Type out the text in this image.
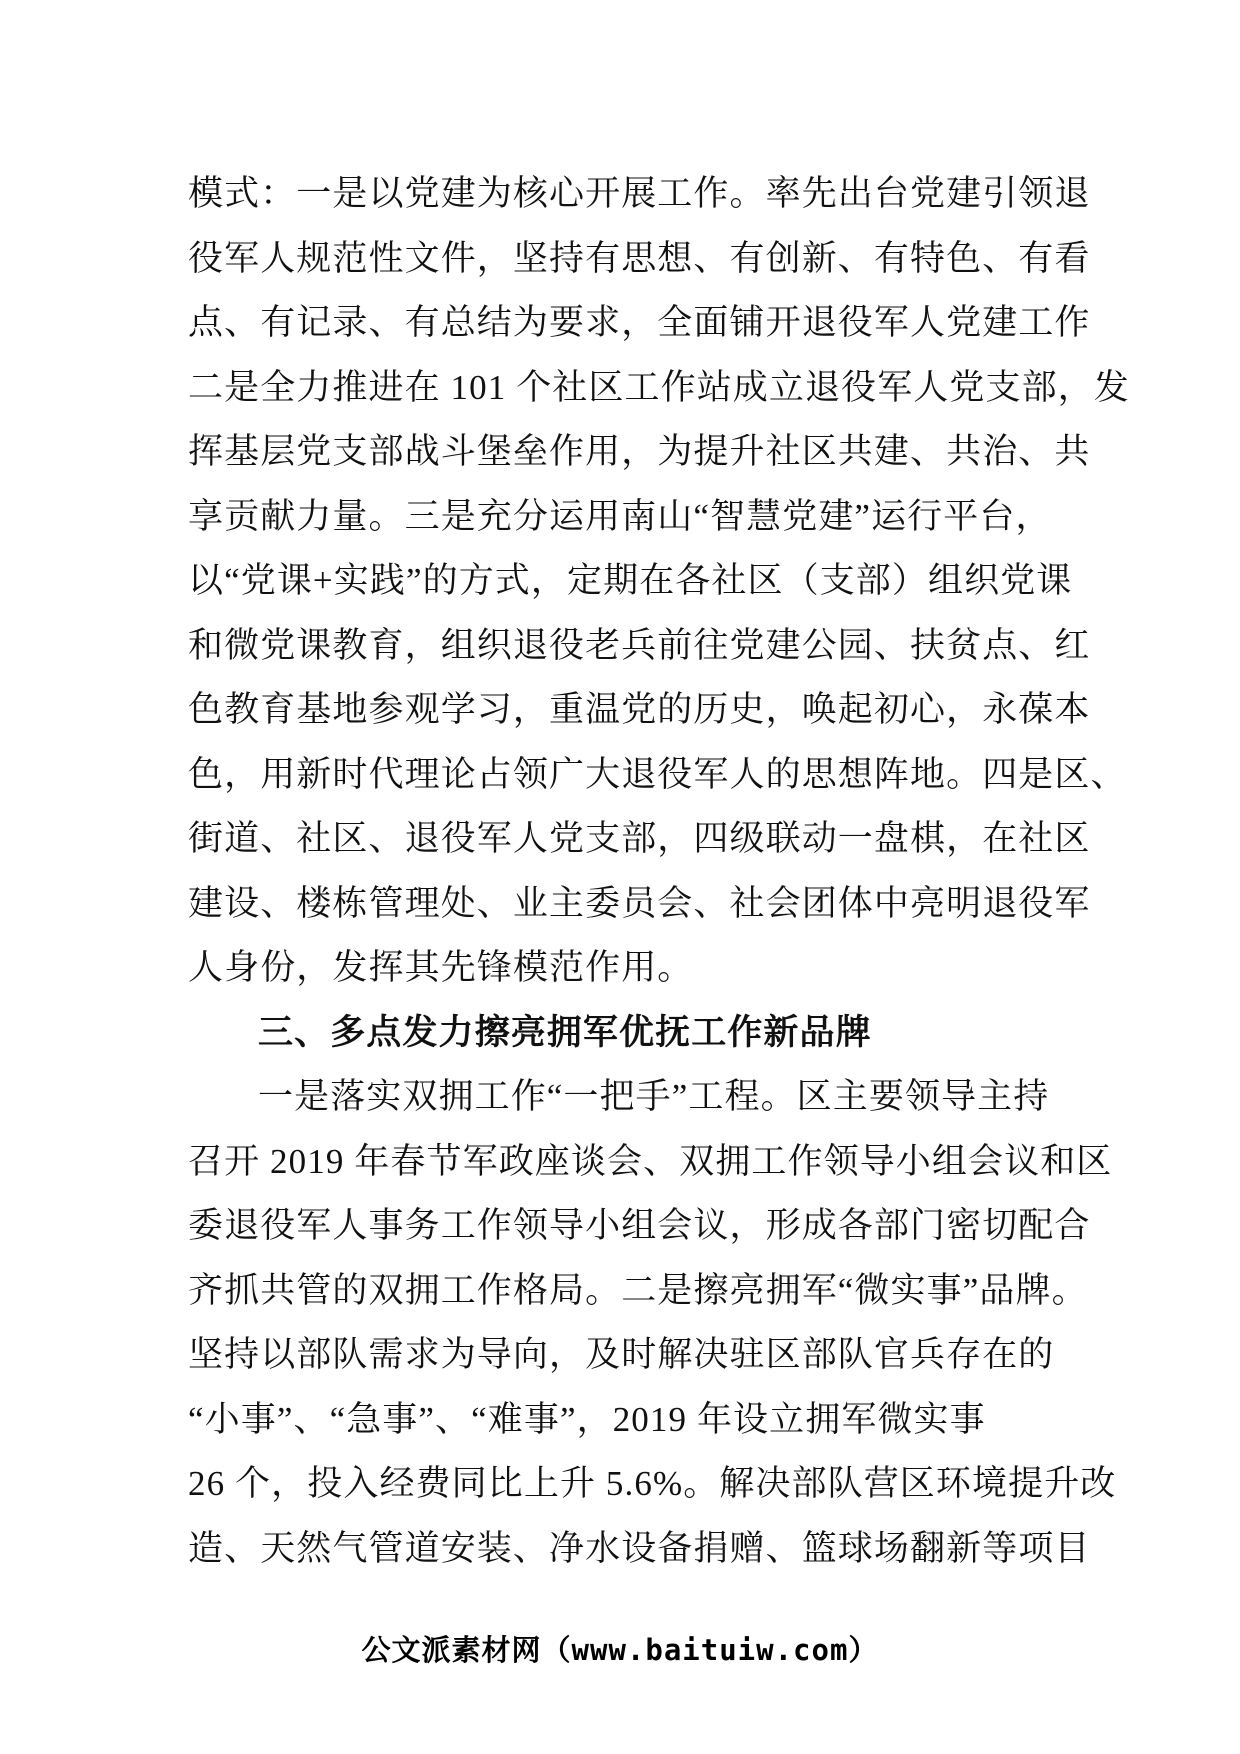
模式：一是以党建为核心开展工作。率先出台党建引领退
役军人规范性文件，坚持有思想、有创新、有特色、有看
点、有记录、有总结为要求，全面铺开退役军人党建工作
二是全力推进在 101 个社区工作站成立退役军人党支部，发
挥基层党支部战斗堡垒作用，为提升社区共建、共治、共
享贡献力量。三是充分运用南山“智慧党建”运行平台，
以“党课+实践”的方式，定期在各社区（支部）组织党课
和微党课教育，组织退役老兵前往党建公园、扶贫点、红
色教育基地参观学习，重温党的历史，唤起初心，永葆本
色，用新时代理论占领广大退役军人的思想阵地。四是区、
街道、社区、退役军人党支部，四级联动一盘棋，在社区
建设、楼栋管理处、业主委员会、社会团体中亮明退役军
人身份，发挥其先锋模范作用。
三、多点发力擦亮拥军优抚工作新品牌
一是落实双拥工作“一把手”工程。区主要领导主持
召开 2019 年春节军政座谈会、双拥工作领导小组会议和区
委退役军人事务工作领导小组会议，形成各部门密切配合
齐抓共管的双拥工作格局。二是擦亮拥军“微实事”品牌。
坚持以部队需求为导向，及时解决驻区部队官兵存在的
“小事”、“急事”、“难事”，2019 年设立拥军微实事
26 个，投入经费同比上升 5.6%。解决部队营区环境提升改
造、天然气管道安装、净水设备捐赠、篮球场翻新等项目
公文派素材网（www.baituiw.com）
